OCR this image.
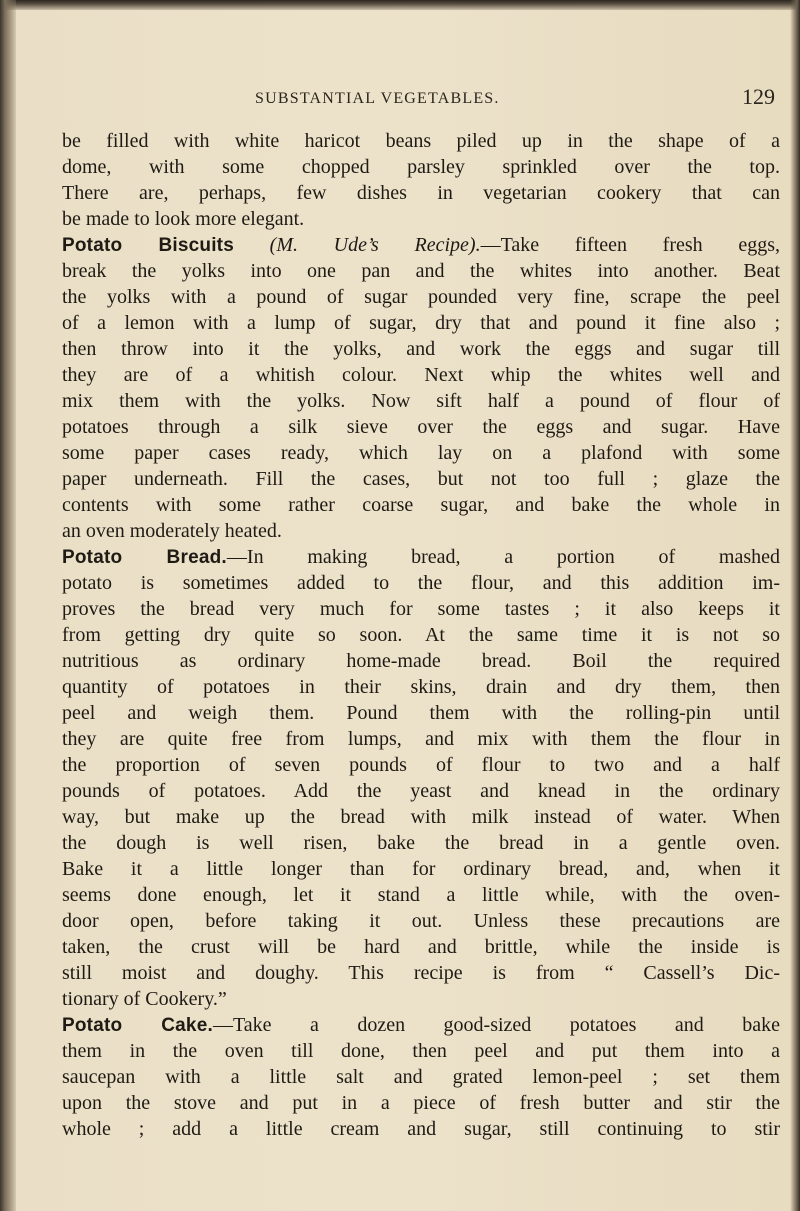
SUBSTANTIAL VEGETABLES.	129
be filled with white haricot beans piled up in the shape of a
dome, with some chopped parsley sprinkled over the top.
There are, perhaps, few dishes in vegetarian cookery that can
be made to look more elegant.
Potato Biscuits (M. Ude’s Recipe).—Take fifteen fresh eggs,
break the yolks into one pan and the whites into another. Beat
the yolks with a pound of sugar pounded very fine, scrape the peel
of a lemon with a lump of sugar, dry that and pound it fine also ;
then throw into it the yolks, and work the eggs and sugar till
they are of a whitish colour. Next whip the whites well and
mix them with the yolks. Now sift half a pound of flour of
potatoes through a silk sieve over the eggs and sugar. Have
some paper cases ready, which lay on a plafond with some
paper underneath. Fill the cases, but not too full ; glaze the
contents with some rather coarse sugar, and bake the whole in
an oven moderately heated.
Potato Bread.—In making bread, a portion of mashed
potato is sometimes added to the flour, and this addition im-
proves the bread very much for some tastes ; it also keeps it
from getting dry quite so soon. At the same time it is not so
nutritious as ordinary home-made bread. Boil the required
quantity of potatoes in their skins, drain and dry them, then
peel and weigh them. Pound them with the rolling-pin until
they are quite free from lumps, and mix with them the flour in
the proportion of seven pounds of flour to two and a half
pounds of potatoes. Add the yeast and knead in the ordinary
way, but make up the bread with milk instead of water. When
the dough is well risen, bake the bread in a gentle oven.
Bake it a little longer than for ordinary bread, and, when it
seems done enough, let it stand a little while, with the oven-
door open, before taking it out. Unless these precautions are
taken, the crust will be hard and brittle, while the inside is
still moist and doughy. This recipe is from “ Cassell’s Dic-
tionary of Cookery.”
Potato Cake.—Take a dozen good-sized potatoes and bake
them in the oven till done, then peel and put them into a
saucepan with a little salt and grated lemon-peel ; set them
upon the stove and put in a piece of fresh butter and stir the
whole ; add a little cream and sugar, still continuing to stir
